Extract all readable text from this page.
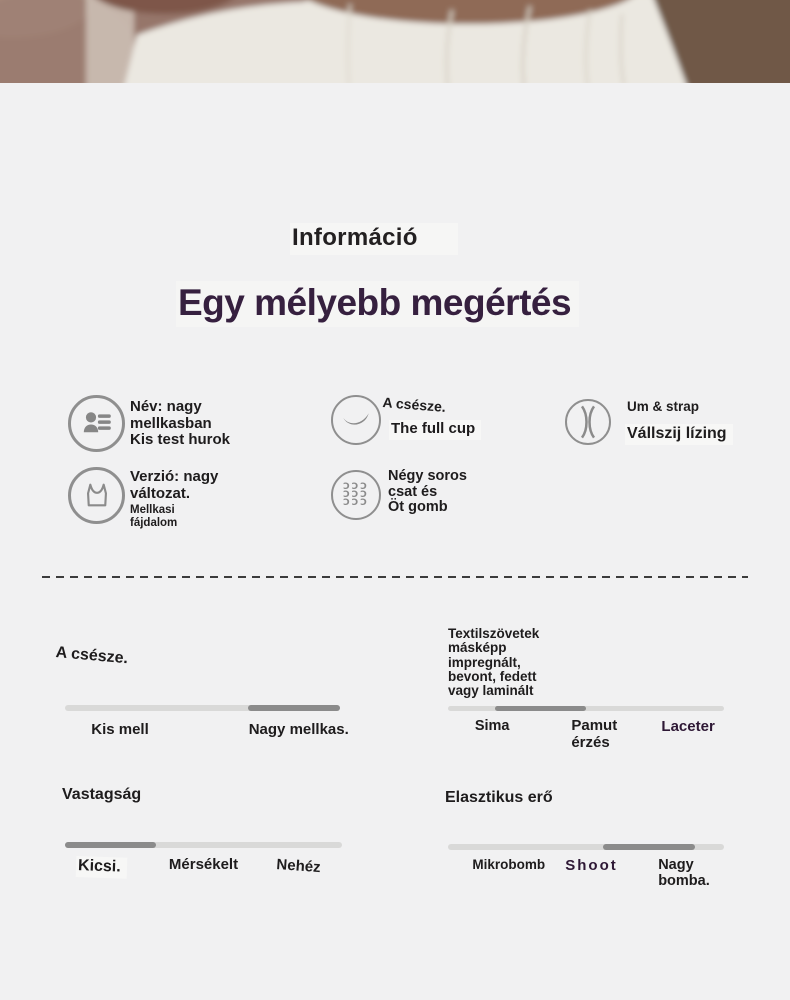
Információ
Egy mélyebb megértés
Név: nagy
mellkasban
Kis test hurok
A csésze.
The full cup
Um & strap
Vállszij lízing
Verzió: nagy
változat.
Mellkasi
fájdalom
ƆƆƆ
ƆƆƆ
ƆƆƆ
Négy soros
csat és
Öt gomb
A csésze.
Kis mell	Nagy mellkas.
Textilszövetek
másképp
impregnált,
bevont, fedett
vagy laminált
Sima	Pamut
érzés
Laceter
Vastagság
Kicsi.	Mérsékelt Nehéz
Elasztikus erő
Mikrobomb Shoot	Nagy
bomba.
